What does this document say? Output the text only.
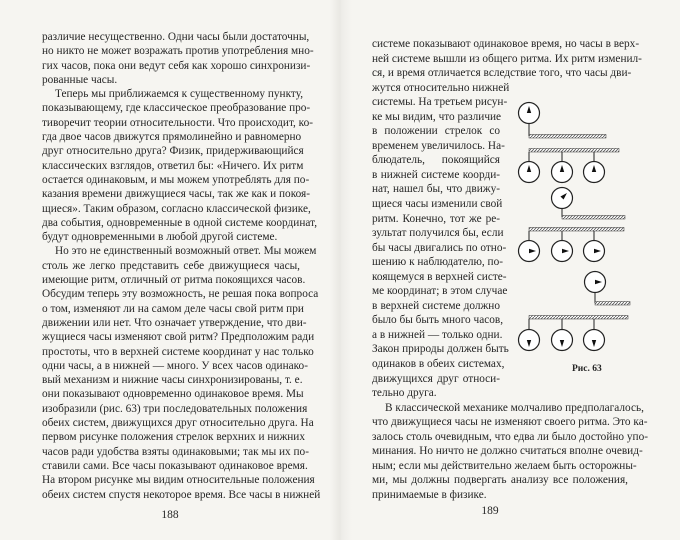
различие несущественно. Одни часы были достаточны,
но никто не может возражать против употребления мно-
гих часов, пока они ведут себя как хорошо синхронизи-
рованные часы.
Теперь мы приближаемся к существенному пункту,
показывающему, где классическое преобразование про-
тиворечит теории относительности. Что происходит, ко-
гда двое часов движутся прямолинейно и равномерно
друг относительно друга? Физик, придерживающийся
классических взглядов, ответил бы: «Ничего. Их ритм
остается одинаковым, и мы можем употреблять для по-
казания времени движущиеся часы, так же как и покоя-
щиеся». Таким образом, согласно классической физике,
два события, одновременные в одной системе координат,
будут одновременными в любой другой системе.
Но это не единственный возможный ответ. Мы можем
столь же легко представить себе движущиеся часы,
имеющие ритм, отличный от ритма покоящихся часов.
Обсудим теперь эту возможность, не решая пока вопроса
о том, изменяют ли на самом деле часы свой ритм при
движении или нет. Что означает утверждение, что дви-
жущиеся часы изменяют свой ритм? Предположим ради
простоты, что в верхней системе координат у нас только
одни часы, а в нижней — много. У всех часов одинако-
вый механизм и нижние часы синхронизированы, т. е.
они показывают одновременно одинаковое время. Мы
изобразили (рис. 63) три последовательных положения
обеих систем, движущихся друг относительно друга. На
первом рисунке положения стрелок верхних и нижних
часов ради удобства взяты одинаковыми; так мы их по-
ставили сами. Все часы показывают одинаковое время.
На втором рисунке мы видим относительные положения
обеих систем спустя некоторое время. Все часы в нижней
188
системе показывают одинаковое время, но часы в верх-
ней системе вышли из общего ритма. Их ритм изменил-
ся, и время отличается вследствие того, что часы дви-
жутся относительно нижней
системы. На третьем рисун-
ке мы видим, что различие
в положении стрелок со
временем увеличилось. На-
блюдатель, покоящийся
в нижней системе коорди-
нат, нашел бы, что движу-
щиеся часы изменили свой
ритм. Конечно, тот же ре-
зультат получился бы, если
бы часы двигались по отно-
шению к наблюдателю, по-
коящемуся в верхней систе-
ме координат; в этом случае
в верхней системе должно
было бы быть много часов,
а в нижней — только одни.
Закон природы должен быть
одинаков в обеих системах,
движущихся друг относи-
тельно друга.
В классической механике молчаливо предполагалось,
что движущиеся часы не изменяют своего ритма. Это ка-
залось столь очевидным, что едва ли было достойно упо-
минания. Но ничто не должно считаться вполне очевид-
ным; если мы действительно желаем быть осторожны-
ми, мы должны подвергать анализу все положения,
принимаемые в физике.
Рис. 63
189
